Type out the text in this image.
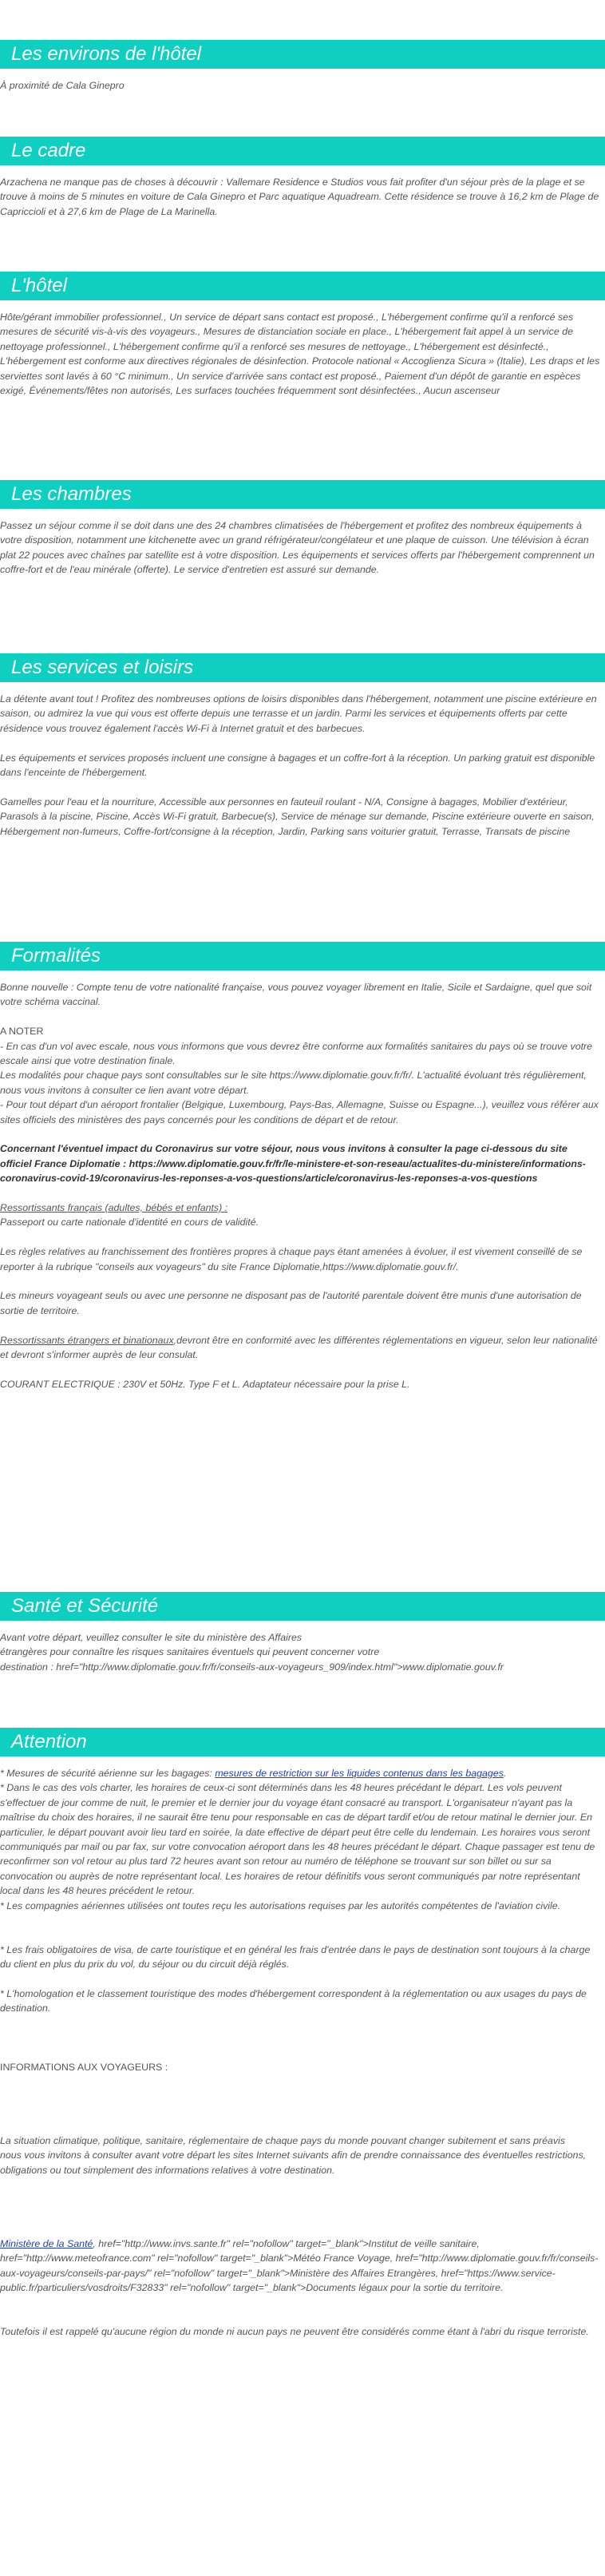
Les environs de l'hôtel
À proximité de Cala Ginepro
Le cadre
Arzachena ne manque pas de choses à découvrir : Vallemare Residence e Studios vous fait profiter d'un séjour près de la plage et se trouve à moins de 5 minutes en voiture de Cala Ginepro et Parc aquatique Aquadream. Cette résidence se trouve à 16,2 km de Plage de Capriccioli et à 27,6 km de Plage de La Marinella.
L'hôtel
Hôte/gérant immobilier professionnel., Un service de départ sans contact est proposé., L'hébergement confirme qu'il a renforcé ses mesures de sécurité vis-à-vis des voyageurs., Mesures de distanciation sociale en place., L'hébergement fait appel à un service de nettoyage professionnel., L'hébergement confirme qu'il a renforcé ses mesures de nettoyage., L'hébergement est désinfecté., L'hébergement est conforme aux directives régionales de désinfection. Protocole national « Accoglienza Sicura » (Italie), Les draps et les serviettes sont lavés à 60 °C minimum., Un service d'arrivée sans contact est proposé., Paiement d'un dépôt de garantie en espèces exigé, Événements/fêtes non autorisés, Les surfaces touchées fréquemment sont désinfectées., Aucun ascenseur
Les chambres
Passez un séjour comme il se doit dans une des 24 chambres climatisées de l'hébergement et profitez des nombreux équipements à votre disposition, notamment une kitchenette avec un grand réfrigérateur/congélateur et une plaque de cuisson. Une télévision à écran plat 22 pouces avec chaînes par satellite est à votre disposition. Les équipements et services offerts par l'hébergement comprennent un coffre-fort et de l'eau minérale (offerte). Le service d'entretien est assuré sur demande.
Les services et loisirs

La détente avant tout ! Profitez des nombreuses options de loisirs disponibles dans l'hébergement, notamment une piscine extérieure en saison, ou admirez la vue qui vous est offerte depuis une terrasse et un jardin. Parmi les services et équipements offerts par cette résidence vous trouvez également l'accès Wi-Fi à Internet gratuit et des barbecues.

Les équipements et services proposés incluent une consigne à bagages et un coffre-fort à la réception. Un parking gratuit est disponible dans l'enceinte de l'hébergement.

Gamelles pour l'eau et la nourriture, Accessible aux personnes en fauteuil roulant - N/A, Consigne à bagages, Mobilier d'extérieur, Parasols à la piscine, Piscine, Accès Wi-Fi gratuit, Barbecue(s), Service de ménage sur demande, Piscine extérieure ouverte en saison, Hébergement non-fumeurs, Coffre-fort/consigne à la réception, Jardin, Parking sans voiturier gratuit, Terrasse, Transats de piscine

Formalités

Bonne nouvelle : Compte tenu de votre nationalité française, vous pouvez voyager librement en Italie, Sicile et Sardaigne, quel que soit votre schéma vaccinal.

A NOTER

- En cas d'un vol avec escale, nous vous informons que vous devrez être conforme aux formalités sanitaires du pays où se trouve votre escale ainsi que votre destination finale.

Les modalités pour chaque pays sont consultables sur le site https://www.diplomatie.gouv.fr/fr/. L'actualité évoluant très régulièrement, nous vous invitons à consulter ce lien avant votre départ.

- Pour tout départ d'un aéroport frontalier (Belgique, Luxembourg, Pays-Bas, Allemagne, Suisse ou Espagne...), veuillez vous référer aux sites officiels des ministères des pays concernés pour les conditions de départ et de retour.

Concernant l'éventuel impact du Coronavirus sur votre séjour, nous vous invitons à consulter la page ci-dessous du site officiel France Diplomatie : https://www.diplomatie.gouv.fr/fr/le-ministere-et-son-reseau/actualites-du-ministere/informations-coronavirus-covid-19/coronavirus-les-reponses-a-vos-questions/article/coronavirus-les-reponses-a-vos-questions

Ressortissants français (adultes, bébés et enfants) :

Passeport ou carte nationale d'identité en cours de validité.

Les règles relatives au franchissement des frontières propres à chaque pays étant amenées à évoluer, il est vivement conseillé de se reporter à la rubrique "conseils aux voyageurs" du site France Diplomatie,https://www.diplomatie.gouv.fr/.

Les mineurs voyageant seuls ou avec une personne ne disposant pas de l'autorité parentale doivent être munis d'une autorisation de sortie de territoire.

Ressortissants étrangers et binationaux,devront être en conformité avec les différentes réglementations en vigueur, selon leur nationalité et devront s'informer auprès de leur consulat.

COURANT ELECTRIQUE : 230V et 50Hz. Type F et L. Adaptateur nécessaire pour la prise L.

Santé et Sécurité

Avant votre départ, veuillez consulter le site du ministère des Affaires

étrangères pour connaître les risques sanitaires éventuels qui peuvent concerner votre

destination : href="http://www.diplomatie.gouv.fr/fr/conseils-aux-voyageurs_909/index.html">www.diplomatie.gouv.fr

Attention

* Mesures de sécurité aérienne sur les bagages: mesures de restriction sur les liquides contenus dans les bagages.

* Dans le cas des vols charter, les horaires de ceux-ci sont déterminés dans les 48 heures précédant le départ. Les vols peuvent s'effectuer de jour comme de nuit, le premier et le dernier jour du voyage étant consacré au transport. L'organisateur n'ayant pas la maîtrise du choix des horaires, il ne saurait être tenu pour responsable en cas de départ tardif et/ou de retour matinal le dernier jour. En particulier, le départ pouvant avoir lieu tard en soirée, la date effective de départ peut être celle du lendemain. Les horaires vous seront communiqués par mail ou par fax, sur votre convocation aéroport dans les 48 heures précédant le départ. Chaque passager est tenu de reconfirmer son vol retour au plus tard 72 heures avant son retour au numéro de téléphone se trouvant sur son billet ou sur sa convocation ou auprès de notre représentant local. Les horaires de retour définitifs vous seront communiqués par notre représentant local dans les 48 heures précédent le retour.

* Les compagnies aériennes utilisées ont toutes reçu les autorisations requises par les autorités compétentes de l'aviation civile.

* Les frais obligatoires de visa, de carte touristique et en général les frais d'entrée dans le pays de destination sont toujours à la charge du client en plus du prix du vol, du séjour ou du circuit déjà réglés.

* L'homologation et le classement touristique des modes d'hébergement correspondent à la réglementation ou aux usages du pays de destination.

INFORMATIONS AUX VOYAGEURS :

La situation climatique, politique, sanitaire, réglementaire de chaque pays du monde pouvant changer subitement et sans préavis

nous vous invitons à consulter avant votre départ les sites Internet suivants afin de prendre connaissance des éventuelles restrictions, obligations ou tout simplement des informations relatives à votre destination.

Ministère de la Santé, href="http://www.invs.sante.fr" rel="nofollow" target="_blank">Institut de veille sanitaire, href="http://www.meteofrance.com" rel="nofollow" target="_blank">Météo France Voyage, href="http://www.diplomatie.gouv.fr/fr/conseils-aux-voyageurs/conseils-par-pays/" rel="nofollow" target="_blank">Ministère des Affaires Etrangères, href="https://www.service-public.fr/particuliers/vosdroits/F32833" rel="nofollow" target="_blank">Documents légaux pour la sortie du territoire.

Toutefois il est rappelé qu'aucune région du monde ni aucun pays ne peuvent être considérés comme étant à l'abri du risque terroriste.
